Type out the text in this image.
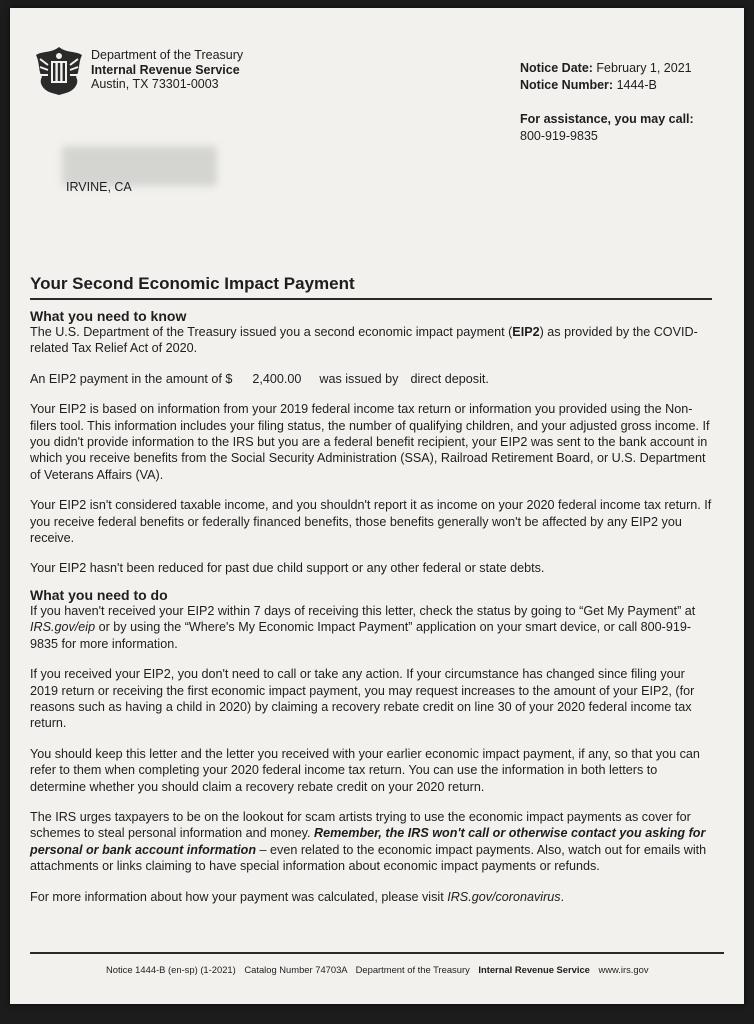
Department of the Treasury
Internal Revenue Service
Austin, TX 73301-0003
Notice Date: February 1, 2021
Notice Number: 1444-B
For assistance, you may call:
800-919-9835
IRVINE, CA
Your Second Economic Impact Payment
What you need to know

The U.S. Department of the Treasury issued you a second economic impact payment (EIP2) as provided by the COVID-related Tax Relief Act of 2020.

An EIP2 payment in the amount of $ 2,400.00 was issued by direct deposit.

Your EIP2 is based on information from your 2019 federal income tax return or information you provided using the Non-filers tool. This information includes your filing status, the number of qualifying children, and your adjusted gross income. If you didn't provide information to the IRS but you are a federal benefit recipient, your EIP2 was sent to the bank account in which you receive benefits from the Social Security Administration (SSA), Railroad Retirement Board, or U.S. Department of Veterans Affairs (VA).

Your EIP2 isn't considered taxable income, and you shouldn't report it as income on your 2020 federal income tax return. If you receive federal benefits or federally financed benefits, those benefits generally won't be affected by any EIP2 you receive.

Your EIP2 hasn't been reduced for past due child support or any other federal or state debts.

What you need to do

If you haven't received your EIP2 within 7 days of receiving this letter, check the status by going to “Get My Payment” at IRS.gov/eip or by using the “Where's My Economic Impact Payment” application on your smart device, or call 800-919-9835 for more information.

If you received your EIP2, you don't need to call or take any action. If your circumstance has changed since filing your 2019 return or receiving the first economic impact payment, you may request increases to the amount of your EIP2, (for reasons such as having a child in 2020) by claiming a recovery rebate credit on line 30 of your 2020 federal income tax return.

You should keep this letter and the letter you received with your earlier economic impact payment, if any, so that you can refer to them when completing your 2020 federal income tax return. You can use the information in both letters to determine whether you should claim a recovery rebate credit on your 2020 return.

The IRS urges taxpayers to be on the lookout for scam artists trying to use the economic impact payments as cover for schemes to steal personal information and money. Remember, the IRS won't call or otherwise contact you asking for personal or bank account information – even related to the economic impact payments. Also, watch out for emails with attachments or links claiming to have special information about economic impact payments or refunds.

For more information about how your payment was calculated, please visit IRS.gov/coronavirus.

Notice 1444-B (en-sp) (1-2021) Catalog Number 74703A Department of the Treasury Internal Revenue Service www.irs.gov
